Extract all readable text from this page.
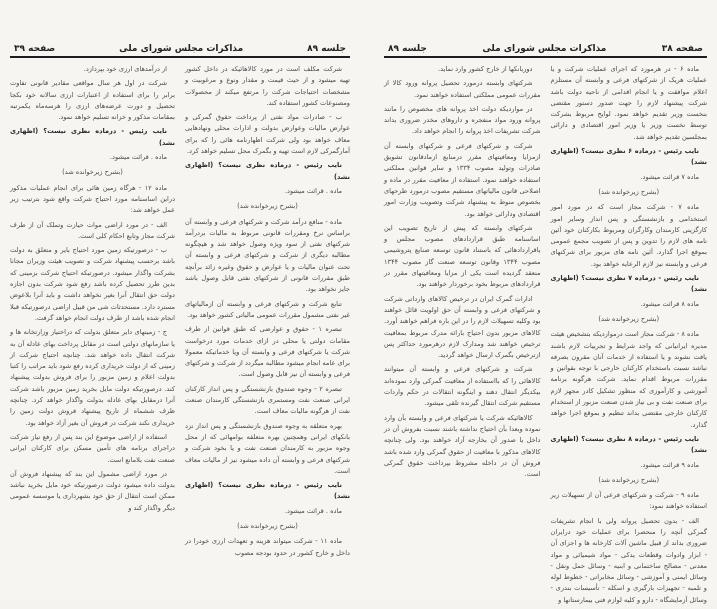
جلسه ۸۹
مذاکرات مجلس شورای ملی
صفحه ۳۹

شرکت مکلف است در مورد کالاهائیکه در داخل کشور تهیه میشود و از حیث قیمت و مقدار ونوع و مرغوبیت و مشخصات احتیاجات شرکت را مرتفع میکند از محصولات ومصنوعات کشور استفاده کند.

ب - صادرات مواد نفتی از پرداخت حقوق گمرکی و عوارض مالیات وعوارض بدولت و ادارات محلی ونهادهایی معاف خواهد بود ولی شرکت اظهارنامه هائی را که برای آمارگمرکی لازم است تهیه و بگمرک محل تسلیم خواهد کرد.

نایب رئیس - درماده نظری نیست؟ (اظهاری نشد)

ماده . قرائت میشود.

(بشرح زیرخوانده شد)

ماده - منافع درآمد شرکت و شرکتهای فرعی و وابسته آن براساس نرخ ومقررات قانونی مربوط به مالیات بردرآمد شرکتهای نفتی از سود ویژه وصول خواهد شد و هیچگونه مطالبه دیگری از شرکت و شرکتهای فرعی و وابسته آن تحت عنوان مالیات و یا عوارض و حقوق وغیره زائد برآنچه طبق مقررات قانونی از شرکتهای نفتی قابل وصول باشد جایز نخواهد بود.

تنابع شرکت و شرکتهای فرعی و وابسته آن ازمالیاتهای غیر نفتی مشمول مقررات عمومی مالیاتی کشور خواهد بود.

تبصره ۱ - حقوق و عوارضی که طبق قوانین از طرف مقامات دولتی یا محلی در ازای خدمات مورد درخواست شرکت یا شرکتهای فرعی و وابسته آن ویا خدماتیکه معمولا برای عامه انجام میشود مطالبه میگردد از شرکت و شرکتهای فرعی و وابسته آن نیز قابل وصول است.

تبصره ۲ - وجوه صندوق بازنشستگی و پس انداز کارکنان ایرانی صنعت نفت ومستمری بازنشستگی کارمندان صنعت نفت از هرگونه مالیات معاف است.

بهره متعلقه به وجوه صندوق بازنشستگی و پس انداز نزد بانکهای ایرانی وهمچنین بهره متعلقه بوامهائی که از محل وجوه مزبور به کارمندان صنعت نفت و یا بخود شرکت و شرکتهای فرعی و وابسته آن داده میشود نیز از مالیات معاف است.

نایب رئیس - درماده نظری نیست؟ (اظهاری نشد)

ماده . قرائت میشود.

(بشرح زیرخوانده شد)

ماده ۱۱ - شرکت میتواند هزینه و تعهدات ارزی خودرا در داخل و خارج کشور در حدود بودجه مصوب

از درآمدهای ارزی خود بپردازد.

شرکت در اول هر سال مواقعی مقادیر قانونی تفاوت برابر را برای استفاده از اعتبارات ارزی سالانه خود بکجا تحصیل و دورت عرضه‌های ارزی را هرسه‌ماه یکمرتبه بمقامات مذکور و خزانه تسلیم خواهد نمود.

نایب رئیس - درماده نظری نیست؟ (اظهاری نشد)

ماده . قرائت میشود.

(بشرح زیرخوانده شد)

ماده ۱۲ - هرگاه زمین هائی برای انجام عملیات مذکور دراین اساسنامه مورد احتیاج شرکت واقع شود بترتیب زیر عمل خواهد شد:

الف - در مورد اراضی موات حیازت وتملک آن از طرف شرکت مجاز وتابع احکام کلی است.

ب - درصورتیکه زمین مورد احتیاج بایر و متعلق به دولت باشد برحسب پیشنهاد شرکت و تصویب هیئت وزیران مجانا بشرکت واگذار میشود. درصورتیکه احتیاج شرکت بزمینی که بدین طرز تحصیل کرده باشد رفع شود شرکت بدون اجازه دولت حق انتقال آنرا بغیر نخواهد داشت و باید آنرا بلاعوض مسترد دارد. مستحدثات شی من قبیل اراضی درصورتیکه قبلا انجام شده باشد از طرف دولت انجام خواهد گرفت.

ج - زمینهای دایر متعلق بدولت که دراختیار وزارتخانه ها و یا سازمانهای دولتی است در مقابل پرداخت بهای عادله آن به شرکت انتقال داده خواهد شد. چنانچه احتیاج شرکت از زمینی که از دولت خریداری کرده رفع شود باید مراتب را کتبا بدولت اعلام و زمین مزبور را برای فروش بدولت پیشنهاد کند. درصورتیکه دولت مایل بخرید زمین مزبور باشد شرکت آنرا درمقابل بهای عادله بدولت واگذار خواهد کرد. چنانچه ظرف ششماه از تاریخ پیشنهاد فروش دولت زمین را خریداری نکند شرکت در فروش آن بغیر آزاد خواهد بود.

استفاده از اراضی موضوع این بند پس از رفع نیاز شرکت دراجرای برنامه های تأمین مسکن برای کارکنان ایرانی صنعت نفت بلامانع است.

در مورد اراضی مشمول این بند که پیشنهاد فروش آن بدولت داده میشود دولت درصورتیکه خود مایل بخرید نباشد ممکن است انتقال از حق خود بشهرداری یا موسسه عمومی دیگر واگذار کند و

صفحه ۳۸
مذاکرات مجلس شورای ملی
جلسه ۸۹

ماده ۶ - در هرمورد که اجرای عملیات شرکت و یا عملیات هریک از شرکتهای فرعی و وابسته آن مستلزم اعلام موافقت و یا انجام اقدامی از ناحیه دولت باشد شرکت پیشنهاد لازم را جهت صدور دستور مقتضی بنخست وزیر تقدیم خواهد نمود. لوایح مربوط بشرکت توسط نخست وزیر یا وزیر امور اقتصادی و دارائی بمجلسین تقدیم خواهد شد.

نایب رئیس - درماده ۶ نظری نیست؟ (اظهاری نشد)

ماده ۷ قرائت میشود.

(بشرح زیرخوانده شد)

ماده ۷ - شرکت مجاز است که در مورد امور استخدامی و بازنشستگی و پس انداز وسایر امور کارگزینی کارمندان وکارگران ومربوط بکارکنان خود آئین نامه های لازم را تدوین و پس از تصویب مجمع عمومی بموقع اجرا گذارد. آئین نامه های مزبور برای شرکتهای فرعی و وابسته نیز لازم الرعایه خواهد بود.

نایب رئیس - درماده ۷ نظری نیست؟ (اظهاری نشد)

ماده ۸ قرائت میشود.

(بشرح زیرخوانده شد)

ماده ۸ - شرکت مجاز است درمواردیکه بتشخیص هیئت مدیره ایرانیانی که واجد شرایط و تجربیات لازم باشند یافت نشوند و یا استفاده از خدمات آنان مقرون بصرفه نباشد نسبت باستخدام کارکنان خارجی با توجه بقوانین و مقررات مربوط اقدام نماید. شرکت هرگونه برنامه آموزشی و کارآموزی که منظور تشکیل کادر مجهز لازم برای صنعت نفت و بی نیاز شدن صنعت مزبور از استخدام کارکنان خارجی مقتضی بداند تنظیم و بموقع اجرا خواهد گذارد.

نایب رئیس - درماده ۸ نظری نیست؟ (اظهاری نشد)

ماده ۹ قرائت میشود.

(بشرح زیرخوانده شد)

ماده ۹ - شرکت و شرکتهای فرعی آن از تسهیلات زیر استفاده خواهند نمود:

الف - بدون تحصیل پروانه ولی با انجام تشریفات گمرکی آنچه را منحصرا برای عملیات خود درایران ضروری بداند از قبیل ماشین آلات کارخانه ها و اجزای آن - ابزار وادوات وقطعات یدکی - مواد شیمیائی و مواد معدنی - مصالح ساختمانی و ابنیه - وسائل حمل ونقل - وسائل ایمنی و آموزشی - وسائل مخابراتی - خطوط لوله و تلمبه - تجهیزات بارگیری و اسکله - تأسیسات بندری - وسائل آزمایشگاه - دارو و کلیه لوازم فنی بیمارستانها و

دوربانکها از خارج کشور وارد نماید.

شرکتهای وابسته درمورد تحصیل پروانه ورود کالا از مقررات عمومی مملکتی استفاده خواهند نمود.

در مواردیکه دولت اخذ پروانه های مخصوص را مانند پروانه ورود مواد منفجره و داروهای مخدر ضروری بداند شرکت تشریفات اخذ پروانه را انجام خواهد داد.

شرکت و شرکتهای فرعی و شرکتهای وابسته آن ازمزایا ومعافیتهای مقرر درمنابع ازمادقانون تشویق صادرات وتولید مصوب ۱۳۳۴ و سایر قوانین مملکتی استفاده خواهند نمود. استفاده از معافیت مقرر در ماده و اصلاحی قانون مالیاتهای مستقیم مصوب درمورد طرحهای بخصوص منوط به پیشنهاد شرکت وتصویب وزارت امور اقتصادی ودارائی خواهد بود.

شرکتهای وابسته که پیش از تاریخ تصویب این اساسنامه طبق قراردادهای مصوب مجلس و یاقراردادهائی که باستناد قانون توسعه صنایع پتروشیمی مصوب ۱۳۴۴ وقانون توسعه صنعت گاز مصوب ۱۳۴۴ منعقد گردیده است یکی از مزایا ومعافیتهای مقرر در قراردادهای مربوط بخود برخوردار خواهند بود.

ادارات گمرک ایران در ترخیص کالاهای وارداتی شرکت و شرکتهای فرعی و وابسته آن حق اولویت قائل خواهند بود وکلیه تسهیلات لازم را در این باره فراهم خواهند آورد. کالاهای مزبور بدون احتیاج بارائه مدرک مربوط بمعافیت ترخیص خواهند شد ومدارک لازم درهرمورد حداکثر پس ازترخیص بگمرک ارسال خواهد گردید.

شرکت و شرکتهای فرعی و وابسته آن میتوانند کالاهائی را که بااستفاده از معافیت گمرکی وارد نموده‌اند بیکدیگر انتقال دهند و اینگونه انتقالات در حکم واردات مستقیم شرکت انتقال گیرنده تلقی میشود.

کالاهائیکه شرکت یا شرکتهای فرعی و وابسته بآن وارد نموده وبعدا بآن احتیاج نداشته باشند نسبت بفروش آن در داخل یا صدور آن بخارجه آزاد خواهند بود. ولی چنانچه کالاهای مذکور با معافیت از حقوق گمرکی وارد شده باشد فروش آن در داخله مشروط بپرداخت حقوق گمرکی است.
